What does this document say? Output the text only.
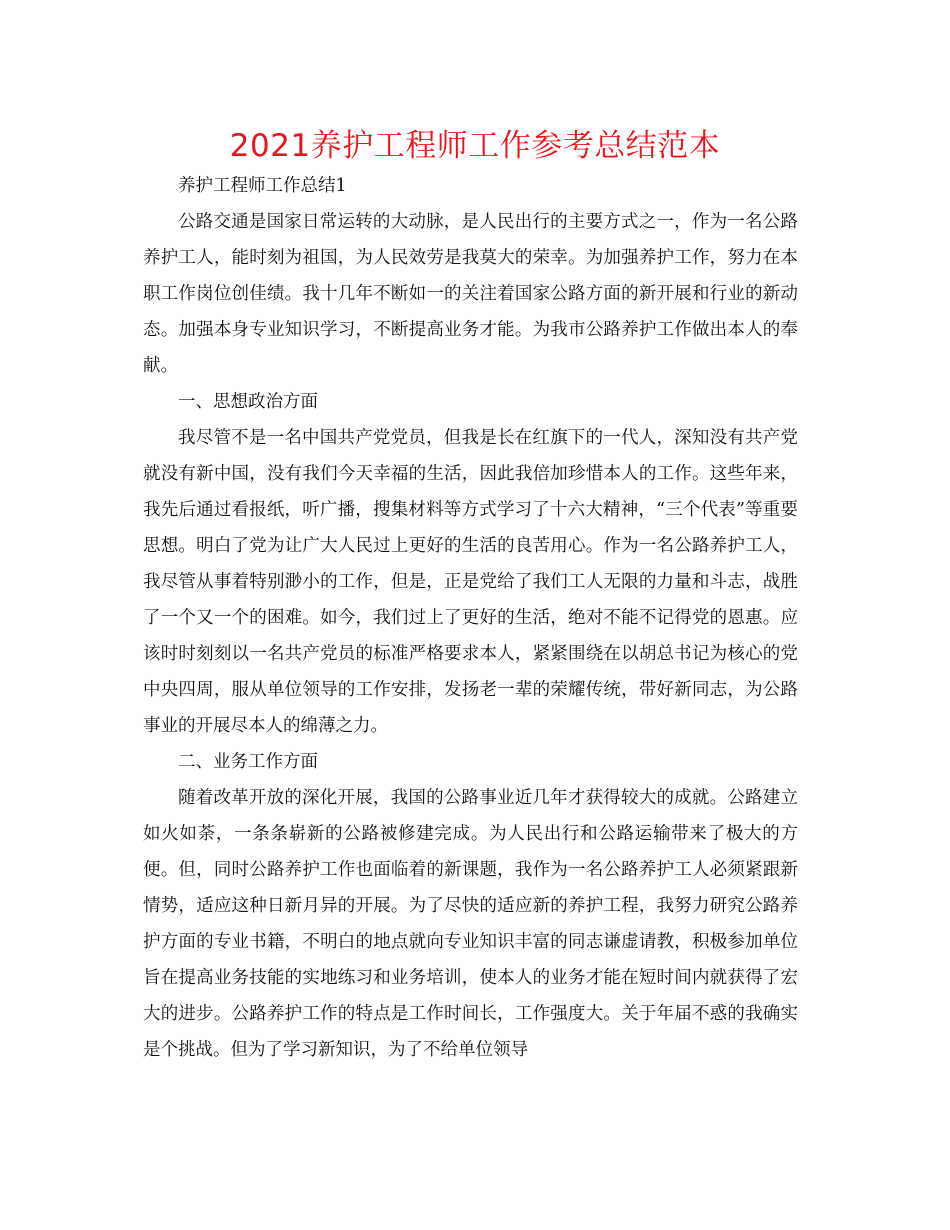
2021养护工程师工作参考总结范本

养护工程师工作总结1

公路交通是国家日常运转的大动脉，是人民出行的主要方式之一，作为一名公路养护工人，能时刻为祖国，为人民效劳是我莫大的荣幸。为加强养护工作，努力在本职工作岗位创佳绩。我十几年不断如一的关注着国家公路方面的新开展和行业的新动态。加强本身专业知识学习，不断提高业务才能。为我市公路养护工作做出本人的奉献。

一、思想政治方面

我尽管不是一名中国共产党党员，但我是长在红旗下的一代人，深知没有共产党就没有新中国，没有我们今天幸福的生活，因此我倍加珍惜本人的工作。这些年来，我先后通过看报纸，听广播，搜集材料等方式学习了十六大精神，“三个代表”等重要思想。明白了党为让广大人民过上更好的生活的良苦用心。作为一名公路养护工人，我尽管从事着特别渺小的工作，但是，正是党给了我们工人无限的力量和斗志，战胜了一个又一个的困难。如今，我们过上了更好的生活，绝对不能不记得党的恩惠。应该时时刻刻以一名共产党员的标准严格要求本人，紧紧围绕在以胡总书记为核心的党中央四周，服从单位领导的工作安排，发扬老一辈的荣耀传统，带好新同志，为公路事业的开展尽本人的绵薄之力。

二、业务工作方面

随着改革开放的深化开展，我国的公路事业近几年才获得较大的成就。公路建立如火如荼，一条条崭新的公路被修建完成。为人民出行和公路运输带来了极大的方便。但，同时公路养护工作也面临着的新课题，我作为一名公路养护工人必须紧跟新情势，适应这种日新月异的开展。为了尽快的适应新的养护工程，我努力研究公路养护方面的专业书籍，不明白的地点就向专业知识丰富的同志谦虚请教，积极参加单位旨在提高业务技能的实地练习和业务培训，使本人的业务才能在短时间内就获得了宏大的进步。公路养护工作的特点是工作时间长，工作强度大。关于年届不惑的我确实是个挑战。但为了学习新知识，为了不给单位领导
